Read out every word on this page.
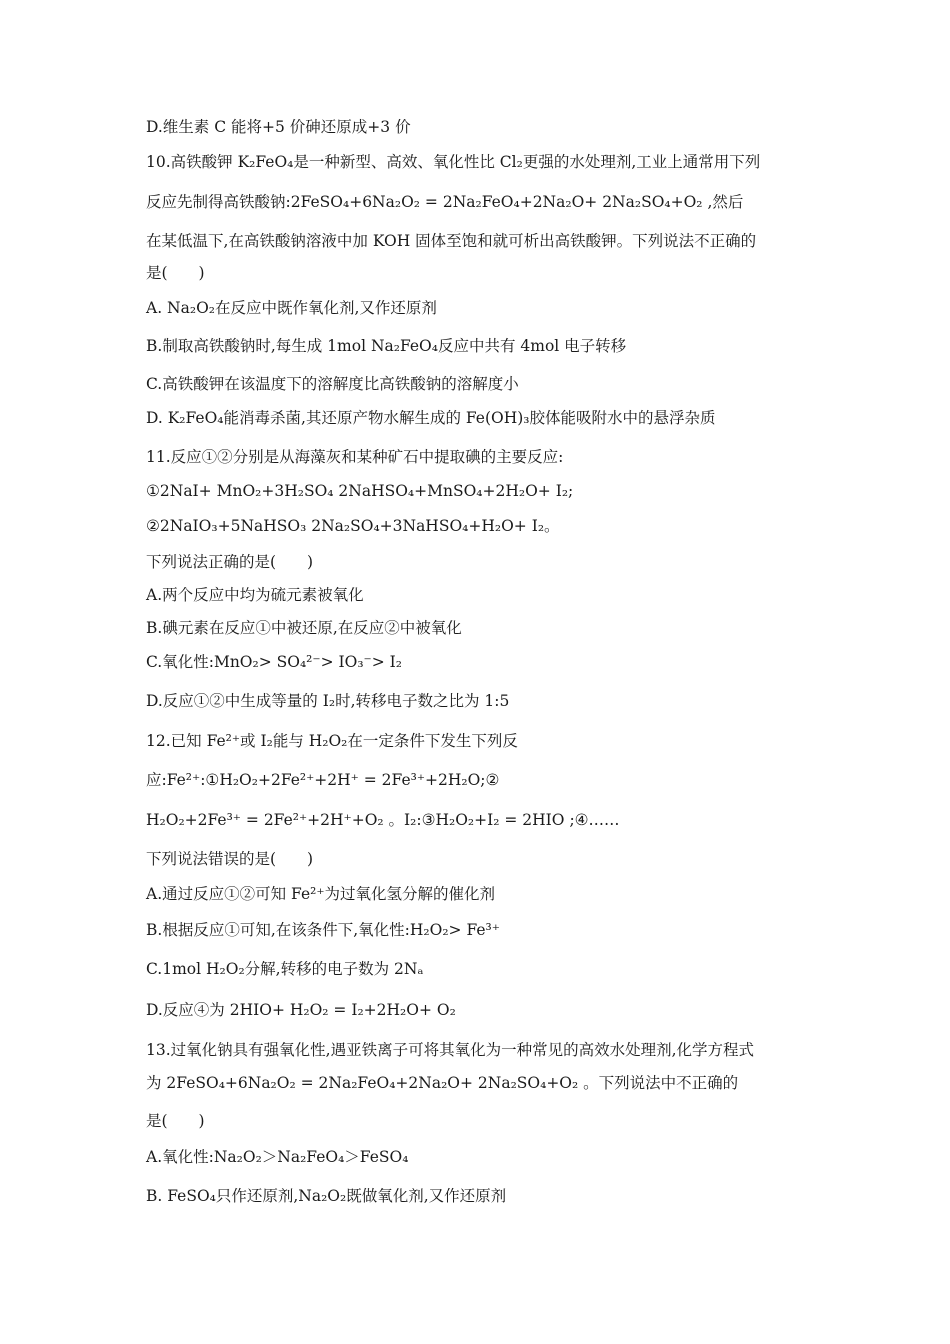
D.维生素 C 能将+5 价砷还原成+3 价
10.高铁酸钾 K₂FeO₄是一种新型、高效、氧化性比 Cl₂更强的水处理剂,工业上通常用下列
反应先制得高铁酸钠:2FeSO₄+6Na₂O₂ = 2Na₂FeO₄+2Na₂O+ 2Na₂SO₄+O₂ ,然后
在某低温下,在高铁酸钠溶液中加 KOH 固体至饱和就可析出高铁酸钾。下列说法不正确的
是(　　)
A. Na₂O₂在反应中既作氧化剂,又作还原剂
B.制取高铁酸钠时,每生成 1mol Na₂FeO₄反应中共有 4mol 电子转移
C.高铁酸钾在该温度下的溶解度比高铁酸钠的溶解度小
D. K₂FeO₄能消毒杀菌,其还原产物水解生成的 Fe(OH)₃胶体能吸附水中的悬浮杂质
11.反应①②分别是从海藻灰和某种矿石中提取碘的主要反应:
①2NaI+ MnO₂+3H₂SO₄ 2NaHSO₄+MnSO₄+2H₂O+ I₂;
②2NaIO₃+5NaHSO₃ 2Na₂SO₄+3NaHSO₄+H₂O+ I₂。
下列说法正确的是(　　)
A.两个反应中均为硫元素被氧化
B.碘元素在反应①中被还原,在反应②中被氧化
C.氧化性:MnO₂> SO₄²⁻> IO₃⁻> I₂
D.反应①②中生成等量的 I₂时,转移电子数之比为 1:5
12.已知 Fe²⁺或 I₂能与 H₂O₂在一定条件下发生下列反
应:Fe²⁺:①H₂O₂+2Fe²⁺+2H⁺ = 2Fe³⁺+2H₂O;②
H₂O₂+2Fe³⁺ = 2Fe²⁺+2H⁺+O₂ 。I₂:③H₂O₂+I₂ = 2HIO ;④……
下列说法错误的是(　　)
A.通过反应①②可知 Fe²⁺为过氧化氢分解的催化剂
B.根据反应①可知,在该条件下,氧化性:H₂O₂> Fe³⁺
C.1mol H₂O₂分解,转移的电子数为 2Nₐ
D.反应④为 2HIO+ H₂O₂ = I₂+2H₂O+ O₂
13.过氧化钠具有强氧化性,遇亚铁离子可将其氧化为一种常见的高效水处理剂,化学方程式
为 2FeSO₄+6Na₂O₂ = 2Na₂FeO₄+2Na₂O+ 2Na₂SO₄+O₂ 。下列说法中不正确的
是(　　)
A.氧化性:Na₂O₂＞Na₂FeO₄＞FeSO₄
B. FeSO₄只作还原剂,Na₂O₂既做氧化剂,又作还原剂
